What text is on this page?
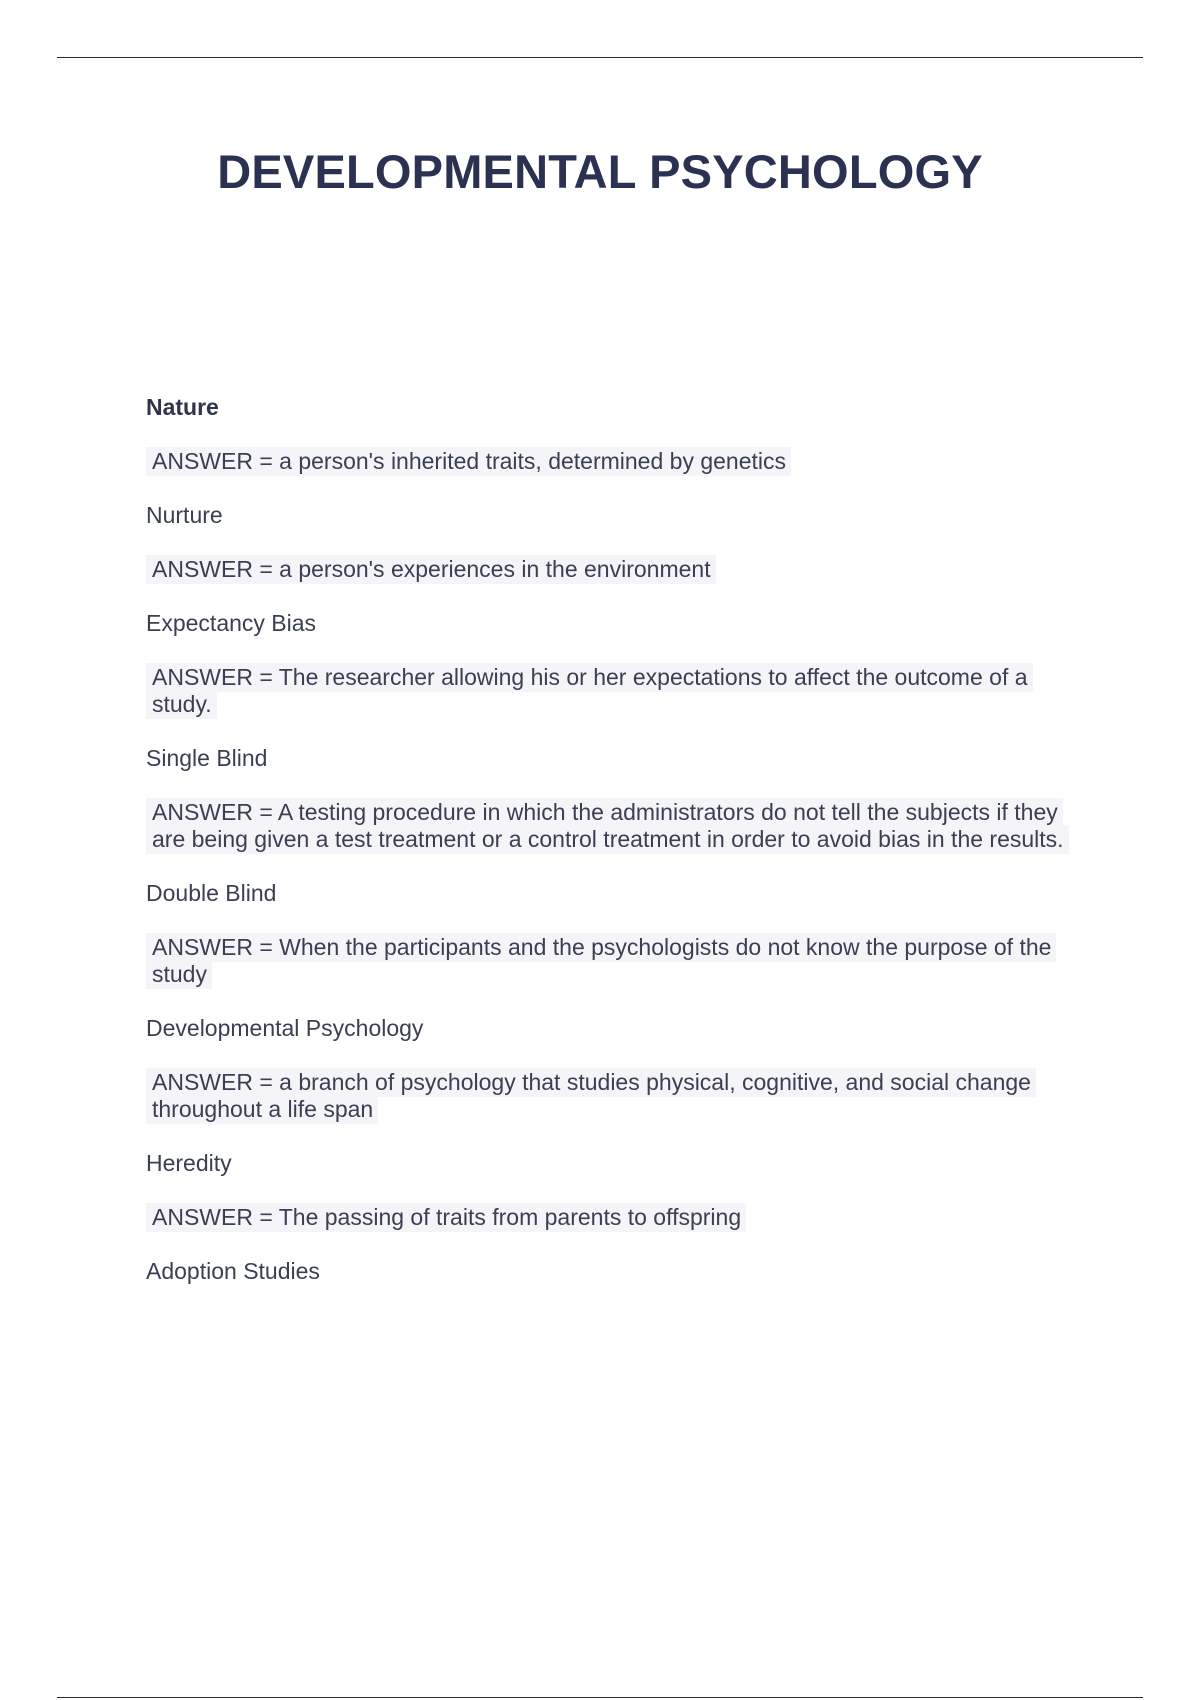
DEVELOPMENTAL PSYCHOLOGY

Nature

ANSWER = a person's inherited traits, determined by genetics

Nurture

ANSWER = a person's experiences in the environment

Expectancy Bias

ANSWER = The researcher allowing his or her expectations to affect the outcome of a study.

Single Blind

ANSWER = A testing procedure in which the administrators do not tell the subjects if they are being given a test treatment or a control treatment in order to avoid bias in the results.

Double Blind

ANSWER = When the participants and the psychologists do not know the purpose of the study

Developmental Psychology

ANSWER = a branch of psychology that studies physical, cognitive, and social change throughout a life span

Heredity

ANSWER = The passing of traits from parents to offspring

Adoption Studies
